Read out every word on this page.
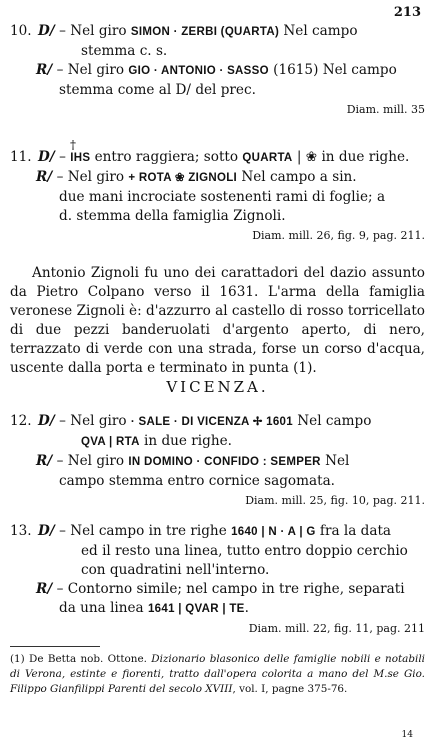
213
10. D/ – Nel giro SIMON · ZERBI (QUARTA) Nel campo
stemma c. s.
R/ – Nel giro GIO · ANTONIO · SASSO (1615) Nel campo
stemma come al D/ del prec.
Diam. mill. 35
†
11. D/ – IHS entro raggiera; sotto QUARTA | ❀ in due righe.
R/ – Nel giro + ROTA ❀ ZIGNOLI Nel campo a sin.
due mani incrociate sostenenti rami di foglie; a
d. stemma della famiglia Zignoli.
Diam. mill. 26, fig. 9, pag. 211.

Antonio Zignoli fu uno dei carattadori del dazio assunto da Pietro Colpano verso il 1631. L'arma della famiglia veronese Zignoli è: d'azzurro al castello di rosso torricellato di due pezzi banderuolati d'argento aperto, di nero, terrazzato di verde con una strada, forse un corso d'acqua, uscente dalla porta e terminato in punta (1).

VICENZA.
12. D/ – Nel giro · SALE · DI VICENZA ✢ 1601 Nel campo
QVA | RTA in due righe.
R/ – Nel giro IN DOMINO · CONFIDO : SEMPER Nel
campo stemma entro cornice sagomata.
Diam. mill. 25, fig. 10, pag. 211.
13. D/ – Nel campo in tre righe 1640 | N · A | G fra la data
ed il resto una linea, tutto entro doppio cerchio
con quadratini nell'interno.
R/ – Contorno simile; nel campo in tre righe, separati
da una linea 1641 | QVAR | TE.
Diam. mill. 22, fig. 11, pag. 211
(1) De Betta nob. Ottone. Dizionario blasonico delle famiglie nobili e notabili di Verona, estinte e fiorenti, tratto dall'opera colorita a mano del M.se Gio. Filippo Gianfilippi Parenti del secolo XVIII, vol. I, pagne 375-76.
14
